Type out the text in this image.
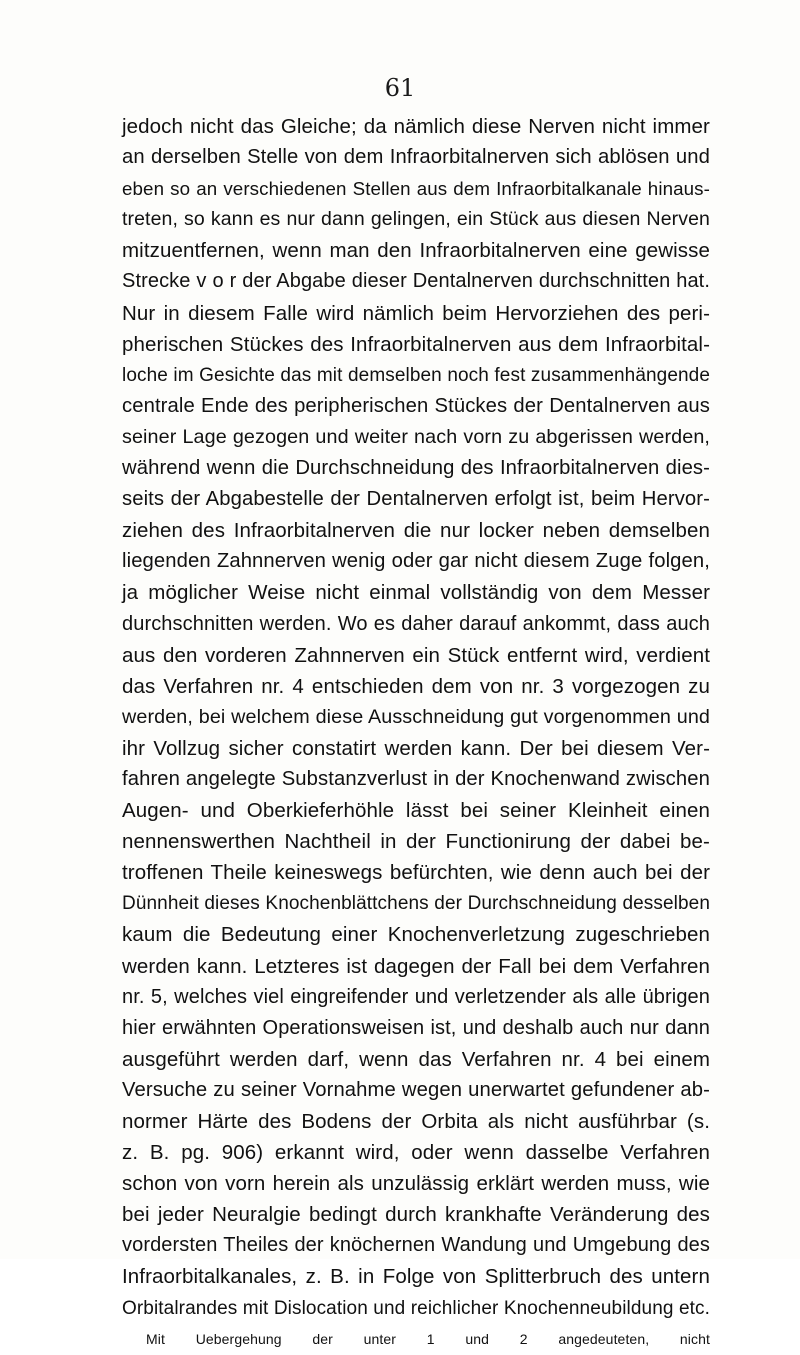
61
jedoch nicht das Gleiche; da nämlich diese Nerven nicht immer
an derselben Stelle von dem Infraorbitalnerven sich ablösen und
eben so an verschiedenen Stellen aus dem Infraorbitalkanale hinaus-
treten, so kann es nur dann gelingen, ein Stück aus diesen Nerven
mitzuentfernen, wenn man den Infraorbitalnerven eine gewisse
Strecke v o r der Abgabe dieser Dentalnerven durchschnitten hat.
Nur in diesem Falle wird nämlich beim Hervorziehen des peri-
pherischen Stückes des Infraorbitalnerven aus dem Infraorbital-
loche im Gesichte das mit demselben noch fest zusammenhängende
centrale Ende des peripherischen Stückes der Dentalnerven aus
seiner Lage gezogen und weiter nach vorn zu abgerissen werden,
während wenn die Durchschneidung des Infraorbitalnerven dies-
seits der Abgabestelle der Dentalnerven erfolgt ist, beim Hervor-
ziehen des Infraorbitalnerven die nur locker neben demselben
liegenden Zahnnerven wenig oder gar nicht diesem Zuge folgen,
ja möglicher Weise nicht einmal vollständig von dem Messer
durchschnitten werden. Wo es daher darauf ankommt, dass auch
aus den vorderen Zahnnerven ein Stück entfernt wird, verdient
das Verfahren nr. 4 entschieden dem von nr. 3 vorgezogen zu
werden, bei welchem diese Ausschneidung gut vorgenommen und
ihr Vollzug sicher constatirt werden kann. Der bei diesem Ver-
fahren angelegte Substanzverlust in der Knochenwand zwischen
Augen- und Oberkieferhöhle lässt bei seiner Kleinheit einen
nennenswerthen Nachtheil in der Functionirung der dabei be-
troffenen Theile keineswegs befürchten, wie denn auch bei der
Dünnheit dieses Knochenblättchens der Durchschneidung desselben
kaum die Bedeutung einer Knochenverletzung zugeschrieben
werden kann. Letzteres ist dagegen der Fall bei dem Verfahren
nr. 5, welches viel eingreifender und verletzender als alle übrigen
hier erwähnten Operationsweisen ist, und deshalb auch nur dann
ausgeführt werden darf, wenn das Verfahren nr. 4 bei einem
Versuche zu seiner Vornahme wegen unerwartet gefundener ab-
normer Härte des Bodens der Orbita als nicht ausführbar (s.
z. B. pg. 906) erkannt wird, oder wenn dasselbe Verfahren
schon von vorn herein als unzulässig erklärt werden muss, wie
bei jeder Neuralgie bedingt durch krankhafte Veränderung des
vordersten Theiles der knöchernen Wandung und Umgebung des
Infraorbitalkanales, z. B. in Folge von Splitterbruch des untern
Orbitalrandes mit Dislocation und reichlicher Knochenneubildung etc.
Mit Uebergehung der unter 1 und 2 angedeuteten, nicht
